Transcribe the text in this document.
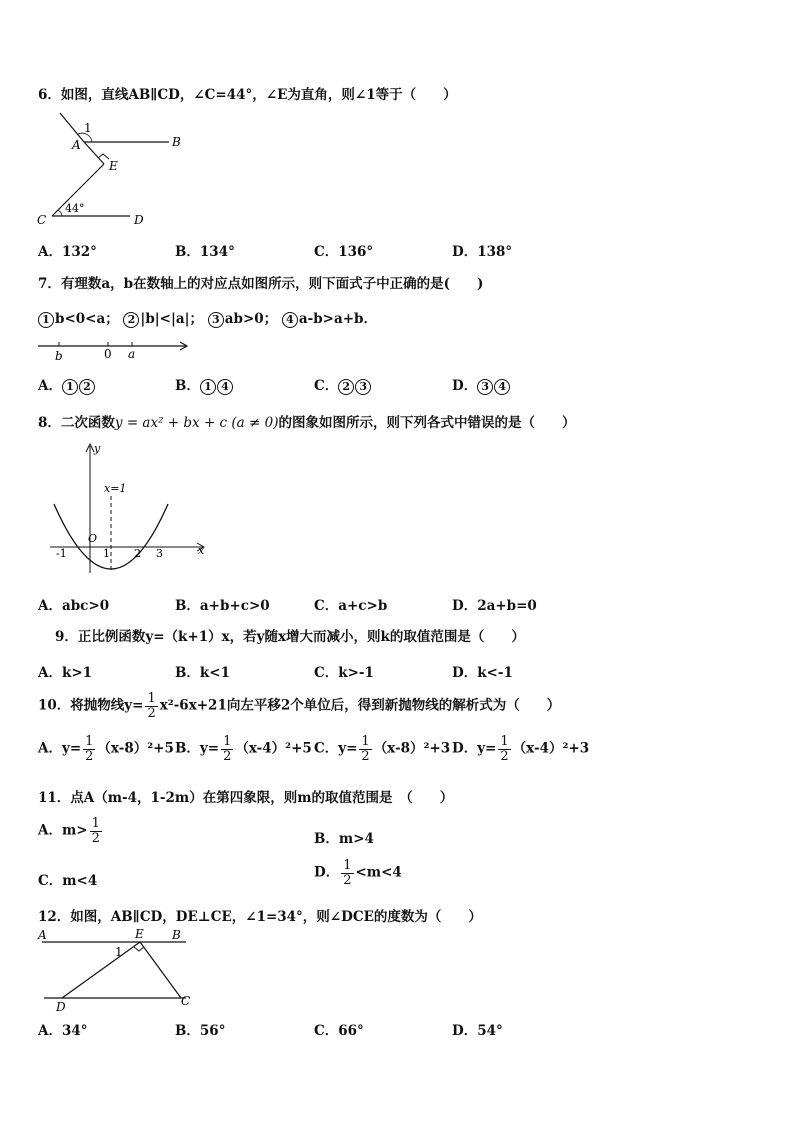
6．如图，直线AB∥CD，∠C=44°，∠E为直角，则∠1等于（　　）
1
B
A
E
C	D
44°
A．132°	B．134°	C．136°	D．138°
7．有理数a，b在数轴上的对应点如图所示，则下面式子中正确的是(　　)
1 b<0<a； 2 |b|<|a|； 3 ab>0； 4 a-b>a+b．
b	0 a
A． 1 2	B． 1 4	C． 2 3	D． 3 4
8．二次函数y = ax² + bx + c (a ≠ 0)的图象如图所示，则下列各式中错误的是（　　）
y
x
x=1
O
-1	1 2 3
A．abc>0	B．a+b+c>0	C．a+c>b	D．2a+b=0
9．正比例函数y=（k+1）x，若y随x增大而减小，则k的取值范围是（　　）
A．k>1	B．k<1	C．k>-1	D．k<-1
10．将抛物线$y= \frac{1}{2} x^2-6x+21$向左平移2个单位后，得到新抛物线的解析式为（　　）
A．$y= \frac{1}{2} (x-8)^2+5$ B．$y= \frac{1}{2} (x-4)^2+5$ C．$y= \frac{1}{2} (x-8)^2+3$ D．$y= \frac{1}{2} (x-4)^2+3$
11．点A（m-4，1-2m）在第四象限，则m的取值范围是　（　　）
A．$m> \frac{1}{2}$	B．m>4
C．m<4
D． $\frac{1}{2} <m<4$
12．如图，AB∥CD，DE⊥CE，∠1=34°，则∠DCE的度数为（　　）
A	E B
1
D	C
A．34°	B．56°	C．66°	D．54°
